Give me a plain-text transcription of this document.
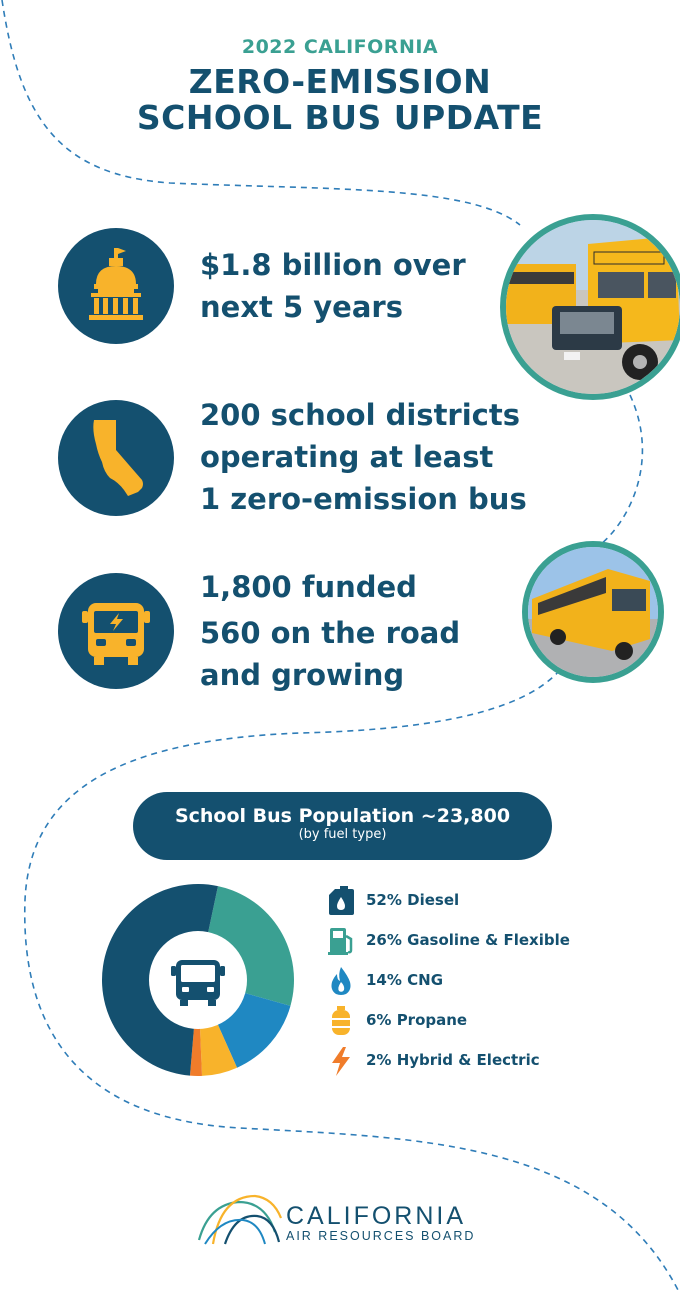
2022 CALIFORNIA
ZERO-EMISSION
SCHOOL BUS UPDATE
$1.8 billion over
next 5 years
200 school districts
operating at least
1 zero-emission bus
1,800 funded
560 on the road
and growing
School Bus Population ~23,800
(by fuel type)
52% Diesel
26% Gasoline & Flexible
14% CNG
6% Propane
2% Hybrid & Electric
CALIFORNIA
AIR RESOURCES BOARD
